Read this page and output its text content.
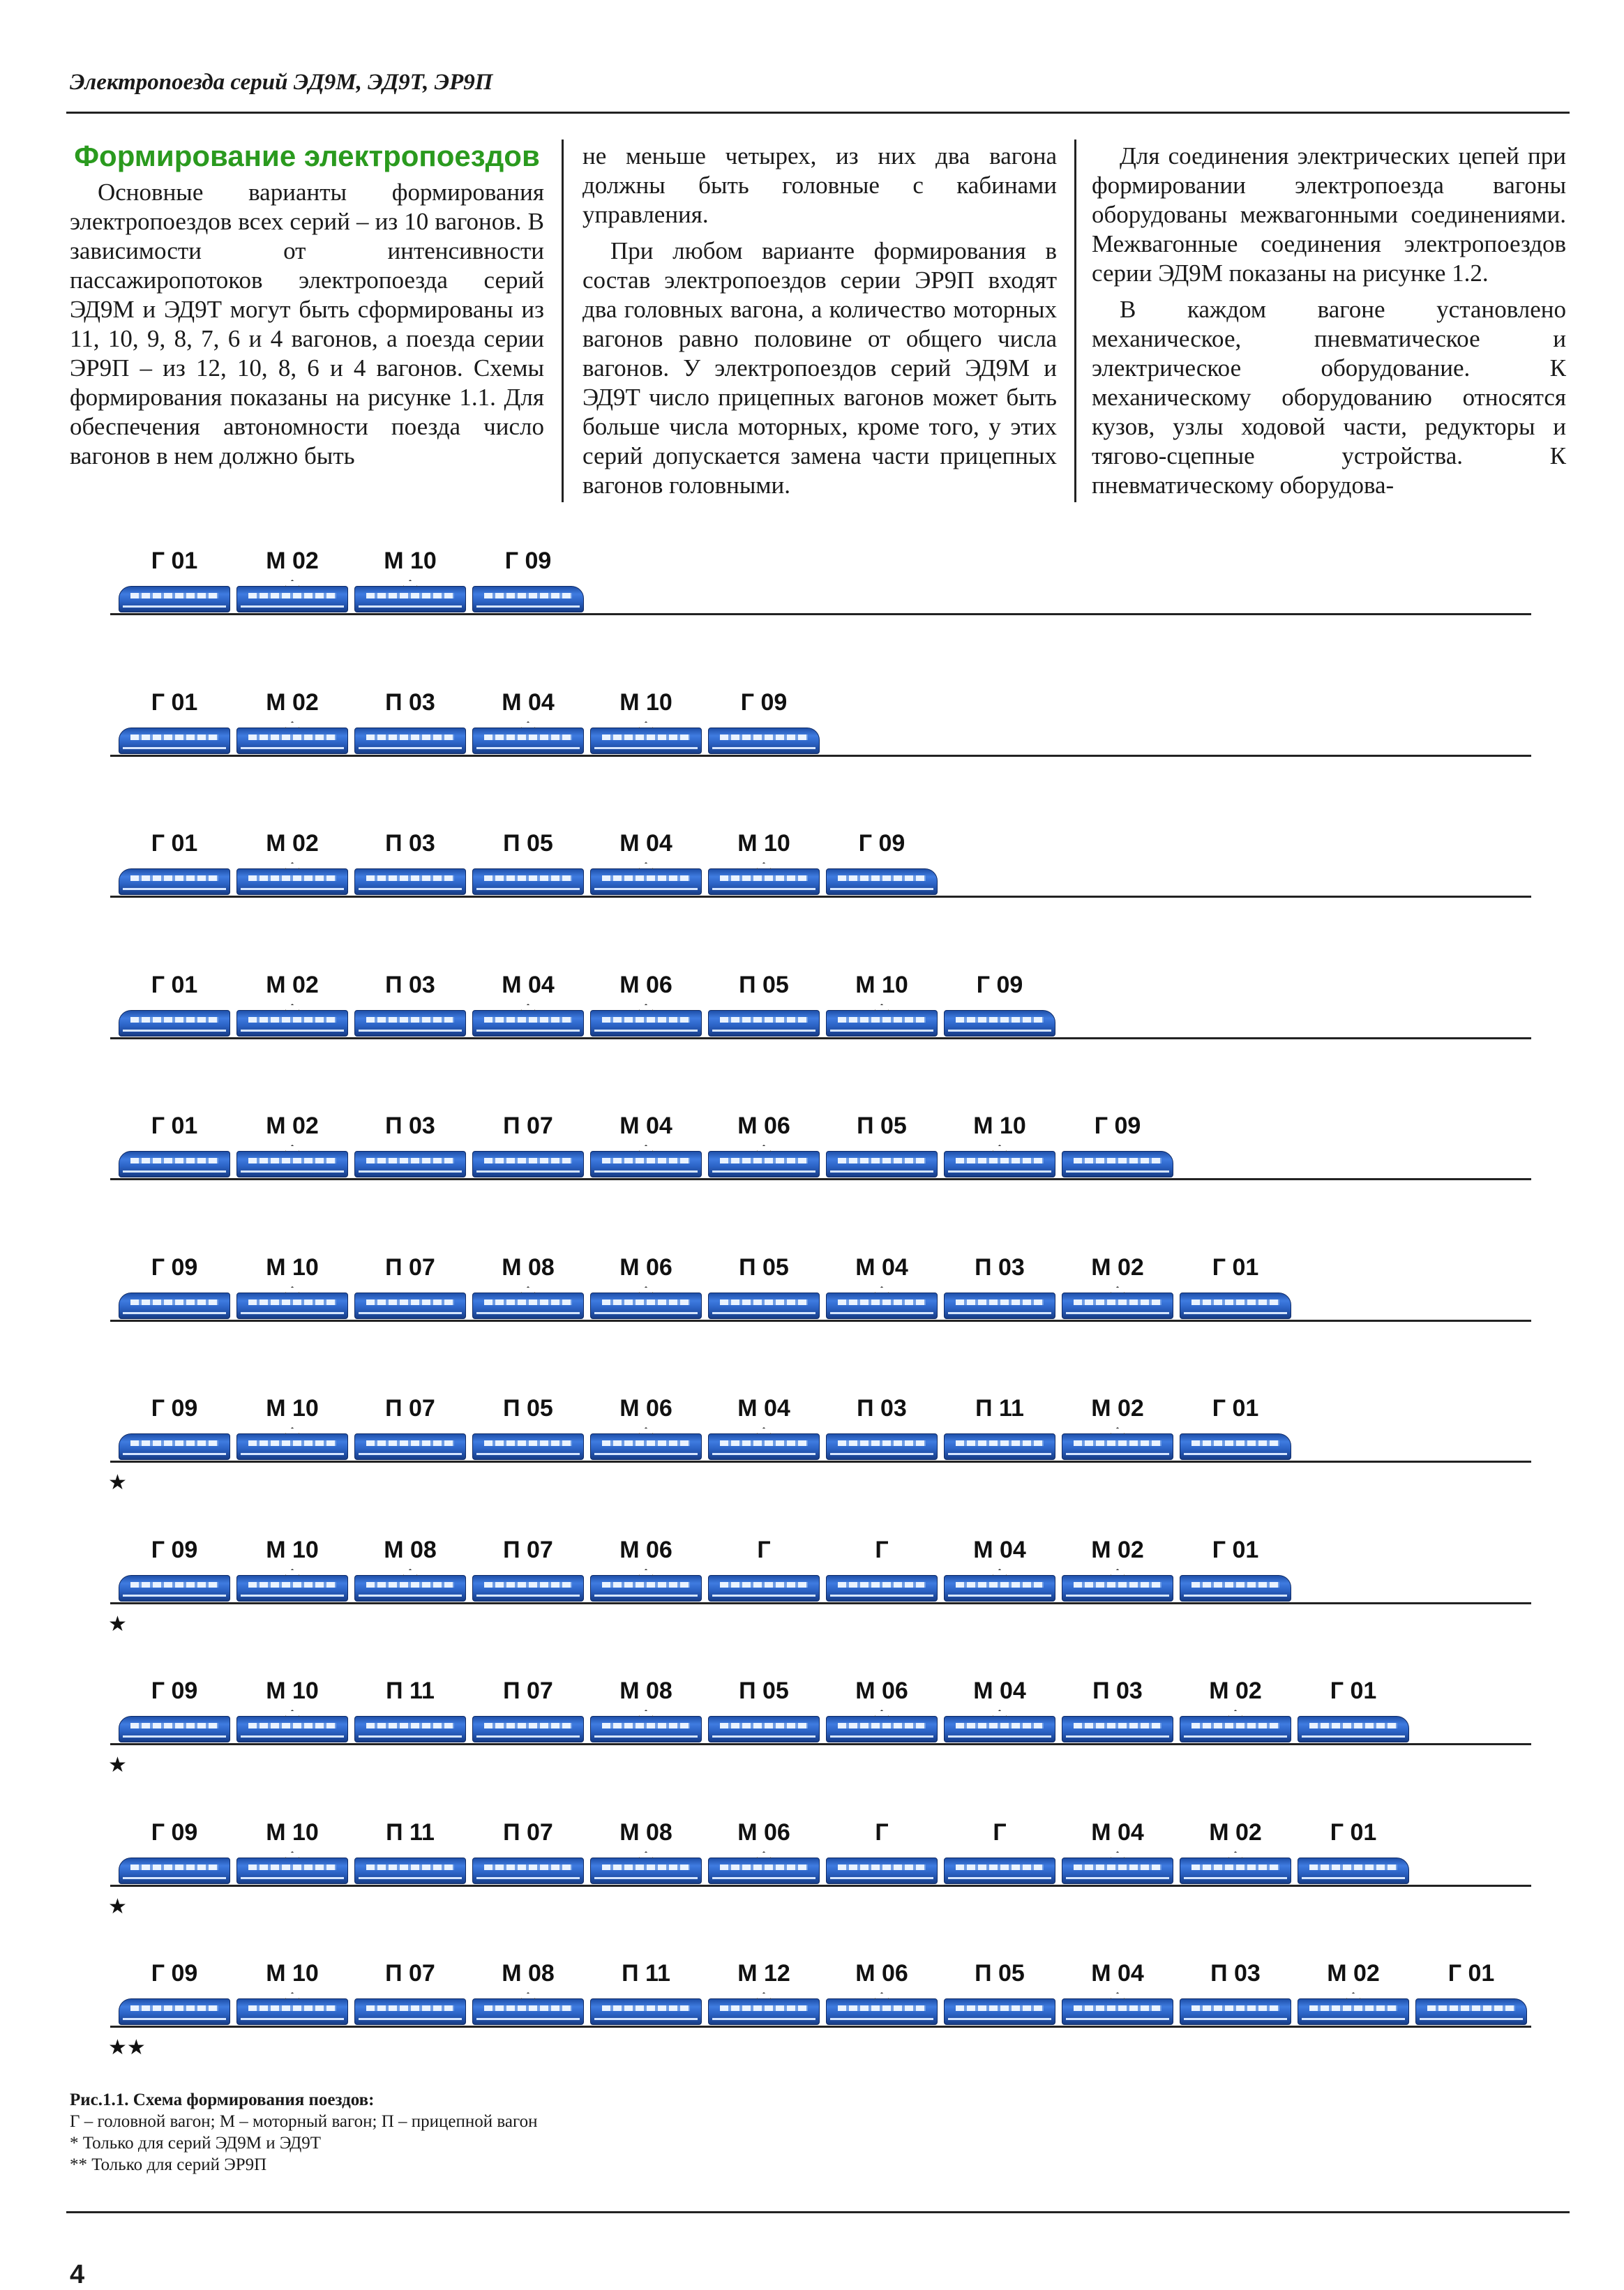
Электропоезда серий ЭД9М, ЭД9Т, ЭР9П
Формирование электропоездов

Основные варианты формирования электропоездов всех серий – из 10 вагонов. В зависимости от интенсивности пассажиропотоков электропоезда серий ЭД9М и ЭД9Т могут быть сформированы из 11, 10, 9, 8, 7, 6 и 4 вагонов, а поезда серии ЭР9П – из 12, 10, 8, 6 и 4 вагонов. Схемы формирования показаны на рисунке 1.1. Для обеспечения автономности поезда число вагонов в нем должно быть

не меньше четырех, из них два вагона должны быть головные с кабинами управления.

При любом варианте формирования в состав электропоездов серии ЭР9П входят два головных вагона, а количество моторных вагонов равно половине от общего числа вагонов. У электропоездов серий ЭД9М и ЭД9Т число прицепных вагонов может быть больше числа моторных, кроме того, у этих серий допускается замена части прицепных вагонов головными.

Для соединения электрических цепей при формировании электропоезда вагоны оборудованы межвагонными соединениями. Межвагонные соединения электропоездов серии ЭД9М показаны на рисунке 1.2.

В каждом вагоне установлено механическое, пневматическое и электрическое оборудование. К механическому оборудованию относятся кузов, узлы ходовой части, редукторы и тягово-сцепные устройства. К пневматическому оборудова-

Г 01	М 02	М 10	Г 09
Г 01	М 02	П 03	М 04	М 10	Г 09
Г 01	М 02	П 03	П 05	М 04	М 10	Г 09
Г 01	М 02	П 03	М 04	М 06	П 05	М 10	Г 09
Г 01	М 02	П 03	П 07	М 04	М 06	П 05	М 10	Г 09
Г 09	М 10	П 07	М 08	М 06	П 05	М 04	П 03	М 02	Г 01
Г 09	М 10	П 07	П 05	М 06	М 04	П 03	П 11	М 02	Г 01
★
Г 09	М 10	М 08	П 07	М 06	Г	Г	М 04	М 02	Г 01
★
Г 09	М 10	П 11	П 07	М 08	П 05	М 06	М 04	П 03	М 02	Г 01
★
Г 09	М 10	П 11	П 07	М 08	М 06	Г	Г	М 04	М 02	Г 01
★
Г 09	М 10	П 07	М 08	П 11	М 12	М 06	П 05	М 04	П 03	М 02	Г 01
★★
Рис.1.1. Схема формирования поездов:
Г – головной вагон; М – моторный вагон; П – прицепной вагон
* Только для серий ЭД9М и ЭД9Т
** Только для серий ЭР9П
4
